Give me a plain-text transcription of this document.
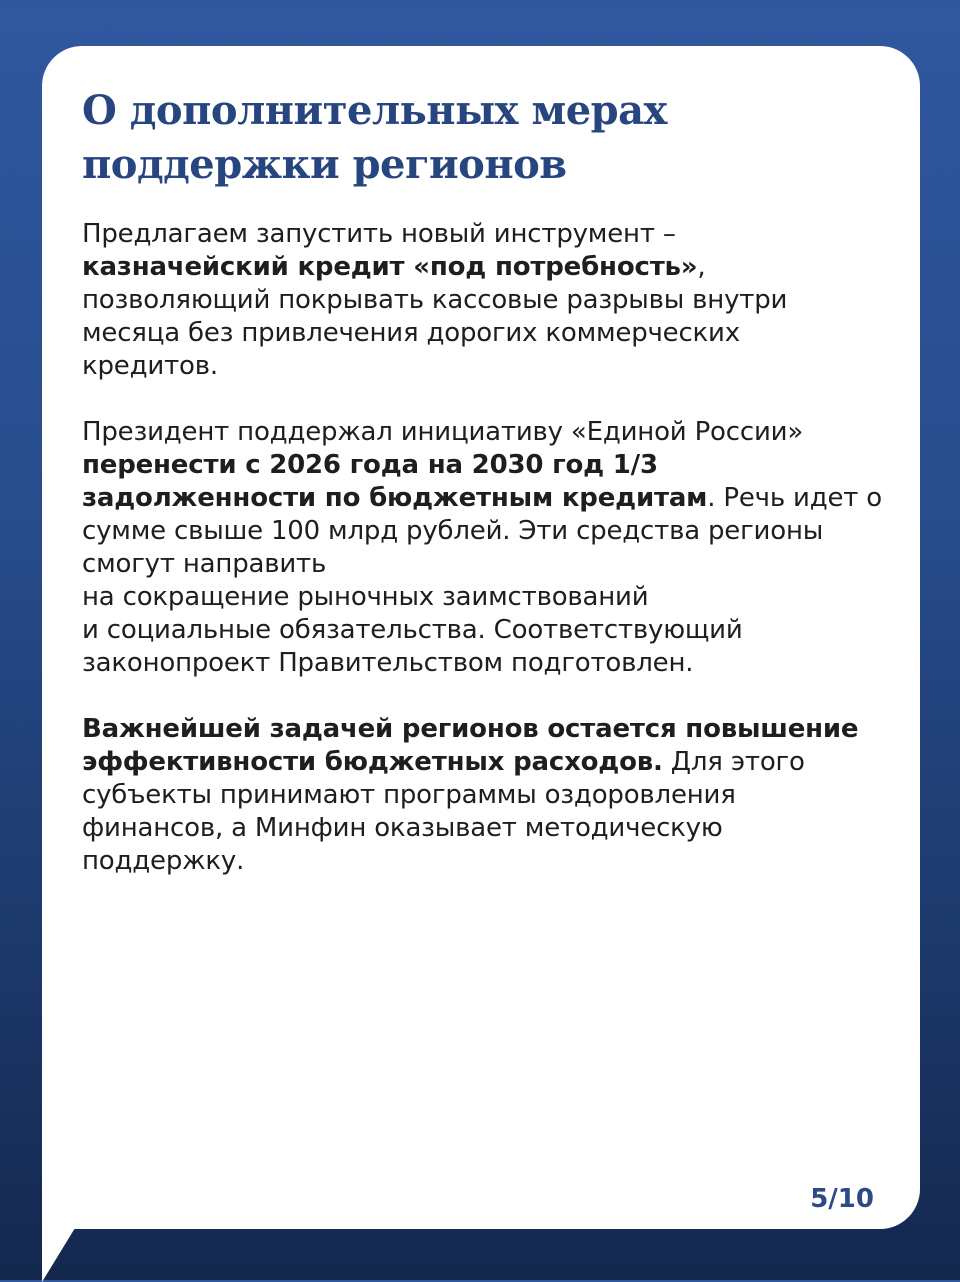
О дополнительных мерах
поддержки регионов

Предлагаем запустить новый инструмент –
казначейский кредит «под потребность»,
позволяющий покрывать кассовые разрывы внутри месяца без привлечения дорогих коммерческих кредитов.

Президент поддержал инициативу «Единой России» перенести с 2026 года на 2030 год 1/3 задолженности по бюджетным кредитам. Речь идет о сумме свыше 100 млрд рублей. Эти средства регионы смогут направить
на сокращение рыночных заимствований
и социальные обязательства. Соответствующий законопроект Правительством подготовлен.

Важнейшей задачей регионов остается повышение эффективности бюджетных расходов. Для этого субъекты принимают программы оздоровления финансов, а Минфин оказывает методическую поддержку.

5/10
